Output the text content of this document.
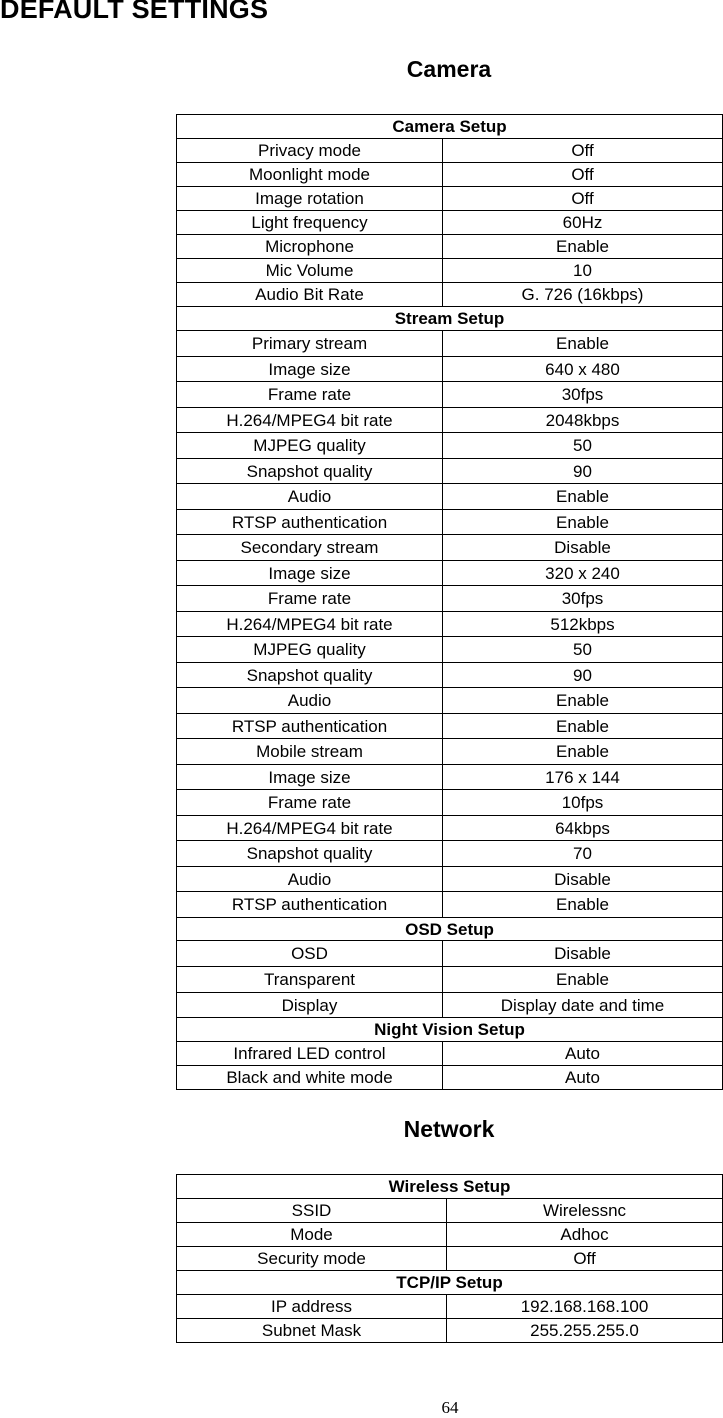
DEFAULT SETTINGS
Camera
Camera Setup	
Privacy mode	Off
Moonlight mode	Off
Image rotation	Off
Light frequency	60Hz
Microphone	Enable
Mic Volume	10
Audio Bit Rate	G. 726 (16kbps)
Stream Setup	
Primary stream	Enable
Image size	640 x 480
Frame rate	30fps
H.264/MPEG4 bit rate	2048kbps
MJPEG quality	50
Snapshot quality	90
Audio	Enable
RTSP authentication	Enable
Secondary stream	Disable
Image size	320 x 240
Frame rate	30fps
H.264/MPEG4 bit rate	512kbps
MJPEG quality	50
Snapshot quality	90
Audio	Enable
RTSP authentication	Enable
Mobile stream	Enable
Image size	176 x 144
Frame rate	10fps
H.264/MPEG4 bit rate	64kbps
Snapshot quality	70
Audio	Disable
RTSP authentication	Enable
OSD Setup	
OSD	Disable
Transparent	Enable
Display	Display date and time
Night Vision Setup	
Infrared LED control	Auto
Black and white mode	Auto
Network
Wireless Setup	
SSID	Wirelessnc
Mode	Adhoc
Security mode	Off
TCP/IP Setup	
IP address	192.168.168.100
Subnet Mask	255.255.255.0
64
